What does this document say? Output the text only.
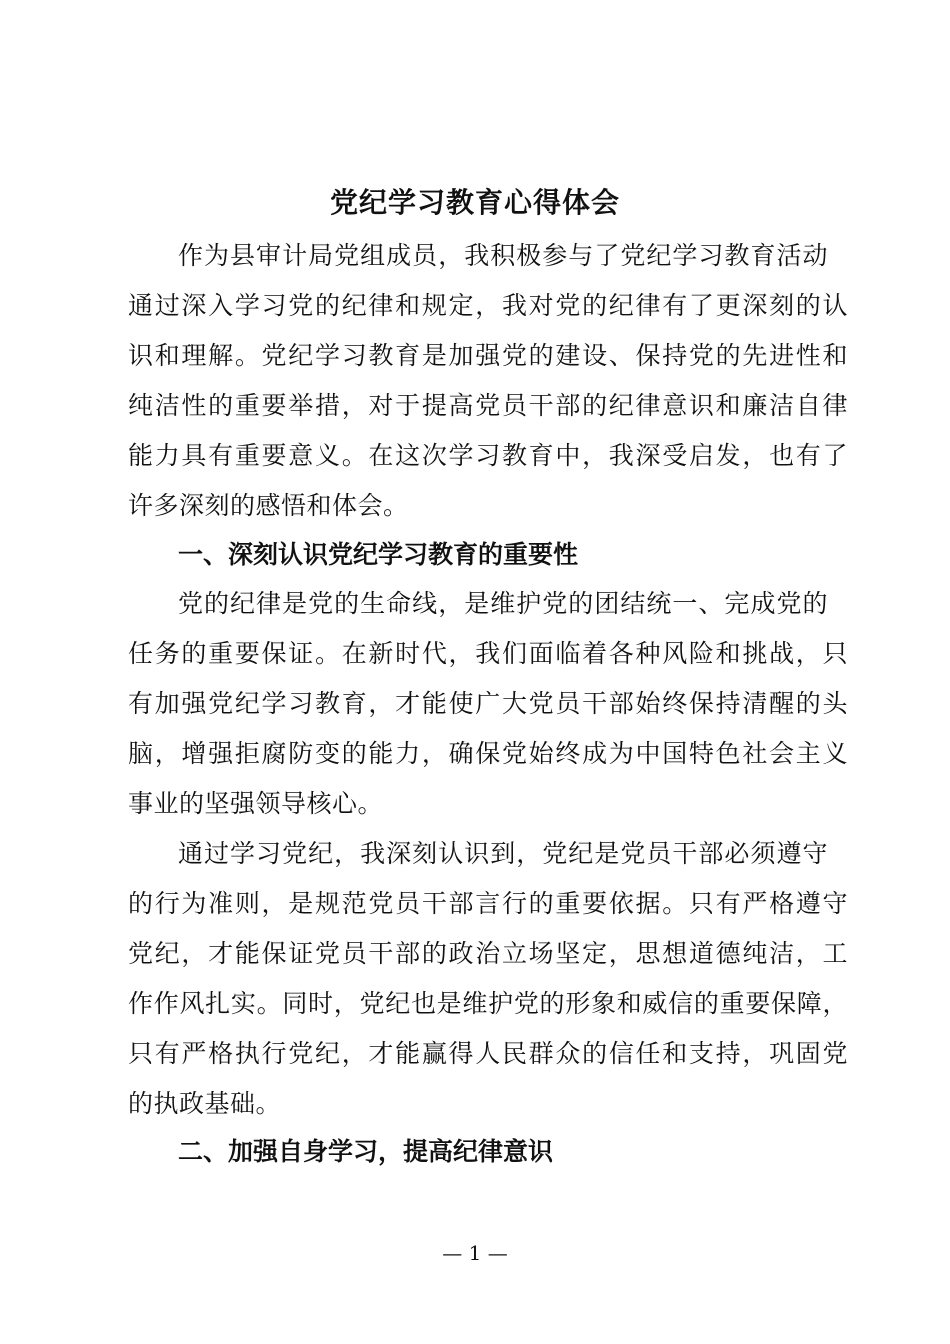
党纪学习教育心得体会
作为县审计局党组成员，我积极参与了党纪学习教育活动
通过深入学习党的纪律和规定，我对党的纪律有了更深刻的认
识和理解。党纪学习教育是加强党的建设、保持党的先进性和
纯洁性的重要举措，对于提高党员干部的纪律意识和廉洁自律
能力具有重要意义。在这次学习教育中，我深受启发，也有了
许多深刻的感悟和体会。
一、深刻认识党纪学习教育的重要性
党的纪律是党的生命线，是维护党的团结统一、完成党的
任务的重要保证。在新时代，我们面临着各种风险和挑战，只
有加强党纪学习教育，才能使广大党员干部始终保持清醒的头
脑，增强拒腐防变的能力，确保党始终成为中国特色社会主义
事业的坚强领导核心。
通过学习党纪，我深刻认识到，党纪是党员干部必须遵守
的行为准则，是规范党员干部言行的重要依据。只有严格遵守
党纪，才能保证党员干部的政治立场坚定，思想道德纯洁，工
作作风扎实。同时，党纪也是维护党的形象和威信的重要保障，
只有严格执行党纪，才能赢得人民群众的信任和支持，巩固党
的执政基础。
二、加强自身学习，提高纪律意识
— 1 —
